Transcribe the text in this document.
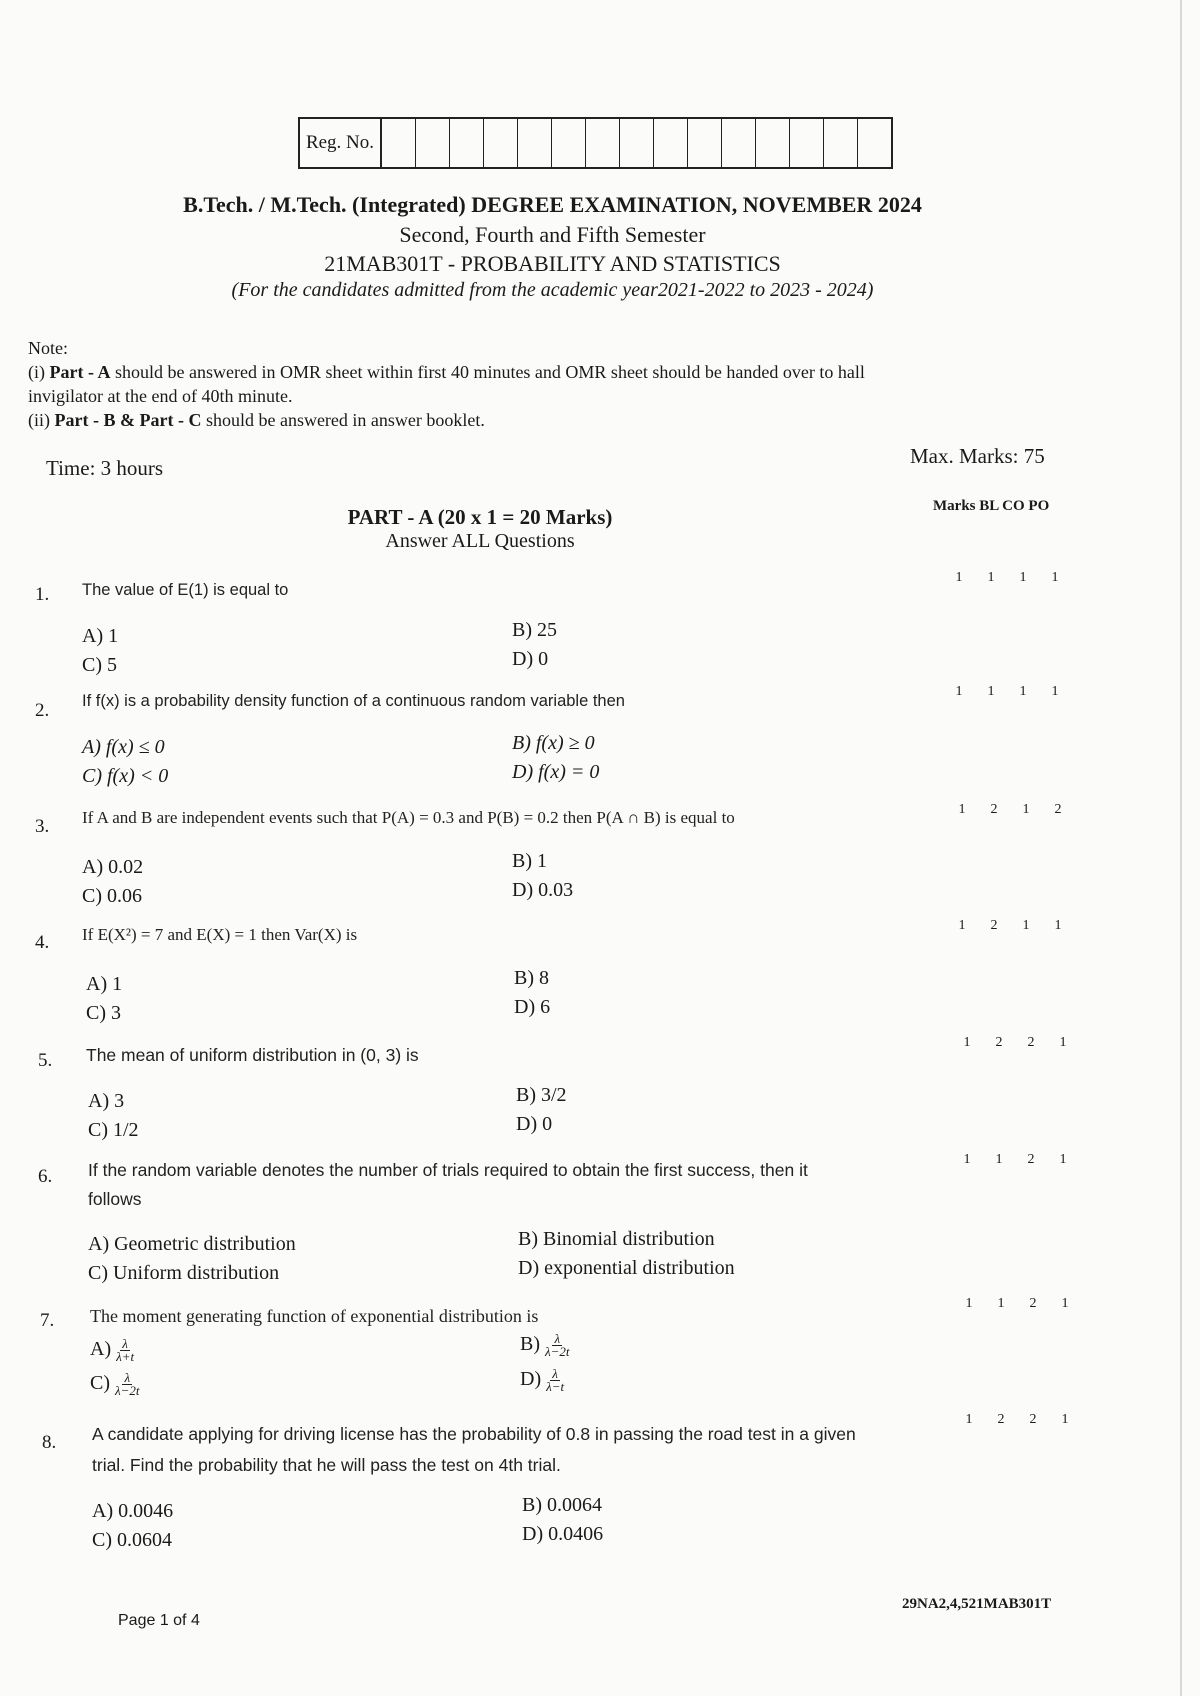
Reg. No.
B.Tech. / M.Tech. (Integrated) DEGREE EXAMINATION, NOVEMBER 2024
Second, Fourth and Fifth Semester
21MAB301T - PROBABILITY AND STATISTICS
(For the candidates admitted from the academic year2021-2022 to 2023 - 2024)
Note:
(i) Part - A should be answered in OMR sheet within first 40 minutes and OMR sheet should be handed over to hall
invigilator at the end of 40th minute.
(ii) Part - B & Part - C should be answered in answer booklet.
Time: 3 hours	Max. Marks: 75
PART - A (20 x 1 = 20 Marks)
Answer ALL Questions
Marks BL CO PO
1. The value of E(1) is equal to
A) 1	B) 25
C) 5	D) 0
1 1 1 1
2. If f(x) is a probability density function of a continuous random variable then
A) f(x) ≤ 0	B) f(x) ≥ 0
C) f(x) < 0	D) f(x) = 0
1 1 1 1
3. If A and B are independent events such that P(A) = 0.3 and P(B) = 0.2 then P(A ∩ B) is equal to
A) 0.02	B) 1
C) 0.06	D) 0.03
1 2 1 2
4. If E(X²) = 7 and E(X) = 1 then Var(X) is
A) 1	B) 8
C) 3	D) 6
1 2 1 1
5. The mean of uniform distribution in (0, 3) is
A) 3	B) 3/2
C) 1/2	D) 0
1 2 2 1
6. If the random variable denotes the number of trials required to obtain the first success, then it
follows
A) Geometric distribution	B) Binomial distribution
C) Uniform distribution	D) exponential distribution
1 1 2 1
7. The moment generating function of exponential distribution is
$A) \frac{\lambda}{\lambda+t}$	$B) \frac{\lambda}{\lambda-2t}$
$C) \frac{\lambda}{\lambda-2t}$	$D) \frac{\lambda}{\lambda-t}$
1 1 2 1
8. A candidate applying for driving license has the probability of 0.8 in passing the road test in a given
trial. Find the probability that he will pass the test on 4th trial.
A) 0.0046	B) 0.0064
C) 0.0604	D) 0.0406
1 2 2 1
Page 1 of 4
29NA2,4,521MAB301T
